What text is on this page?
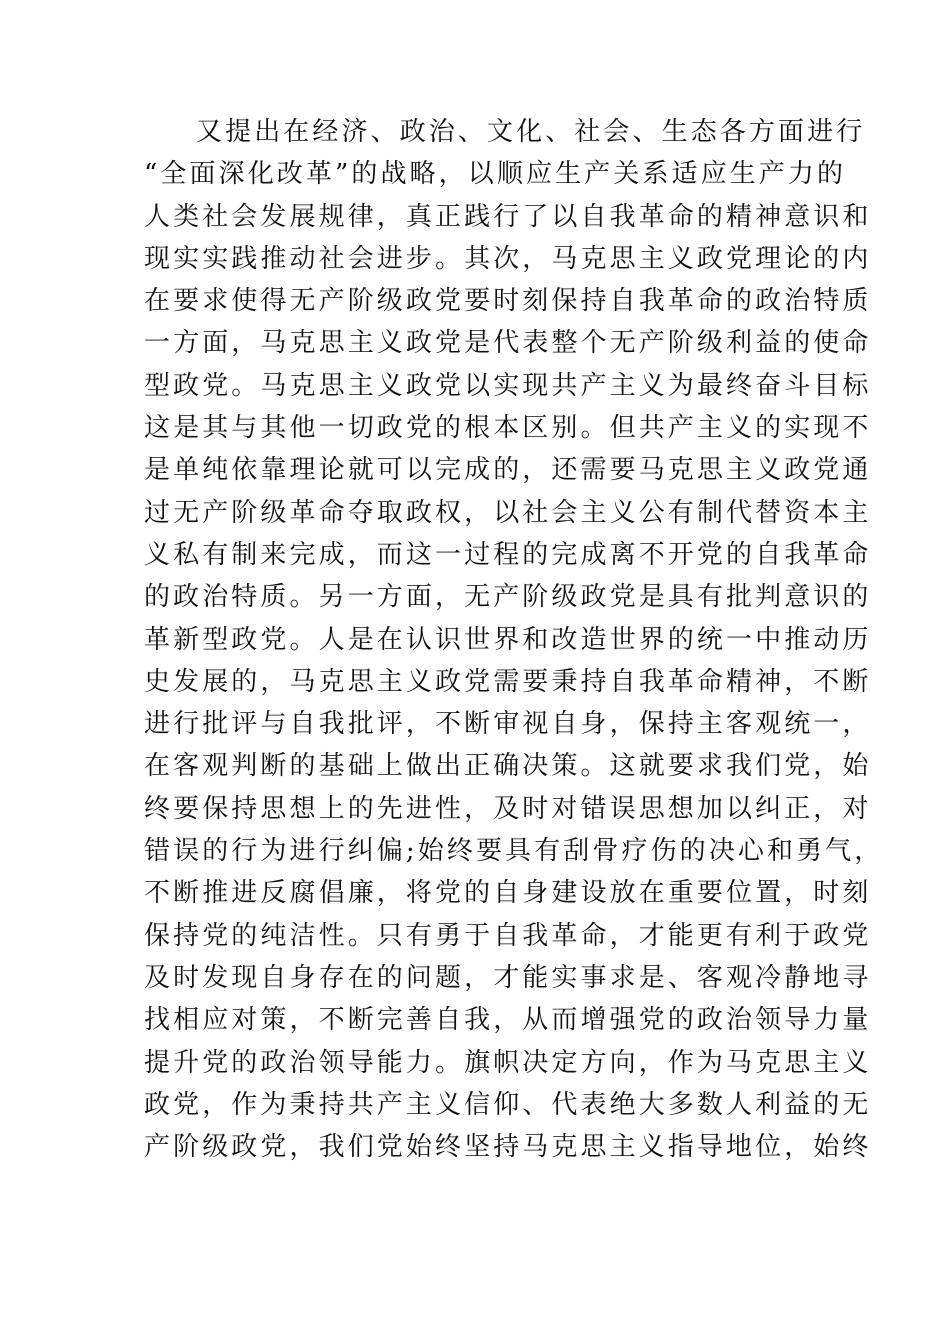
又提出在经济、政治、文化、社会、生态各方面进行
“全面深化改革”的战略，以顺应生产关系适应生产力的
人类社会发展规律，真正践行了以自我革命的精神意识和
现实实践推动社会进步。其次，马克思主义政党理论的内
在要求使得无产阶级政党要时刻保持自我革命的政治特质
一方面，马克思主义政党是代表整个无产阶级利益的使命
型政党。马克思主义政党以实现共产主义为最终奋斗目标
这是其与其他一切政党的根本区别。但共产主义的实现不
是单纯依靠理论就可以完成的，还需要马克思主义政党通
过无产阶级革命夺取政权，以社会主义公有制代替资本主
义私有制来完成，而这一过程的完成离不开党的自我革命
的政治特质。另一方面，无产阶级政党是具有批判意识的
革新型政党。人是在认识世界和改造世界的统一中推动历
史发展的，马克思主义政党需要秉持自我革命精神，不断
进行批评与自我批评，不断审视自身，保持主客观统一，
在客观判断的基础上做出正确决策。这就要求我们党，始
终要保持思想上的先进性，及时对错误思想加以纠正，对
错误的行为进行纠偏;始终要具有刮骨疗伤的决心和勇气，
不断推进反腐倡廉，将党的自身建设放在重要位置，时刻
保持党的纯洁性。只有勇于自我革命，才能更有利于政党
及时发现自身存在的问题，才能实事求是、客观冷静地寻
找相应对策，不断完善自我，从而增强党的政治领导力量
提升党的政治领导能力。旗帜决定方向，作为马克思主义
政党，作为秉持共产主义信仰、代表绝大多数人利益的无
产阶级政党，我们党始终坚持马克思主义指导地位，始终
